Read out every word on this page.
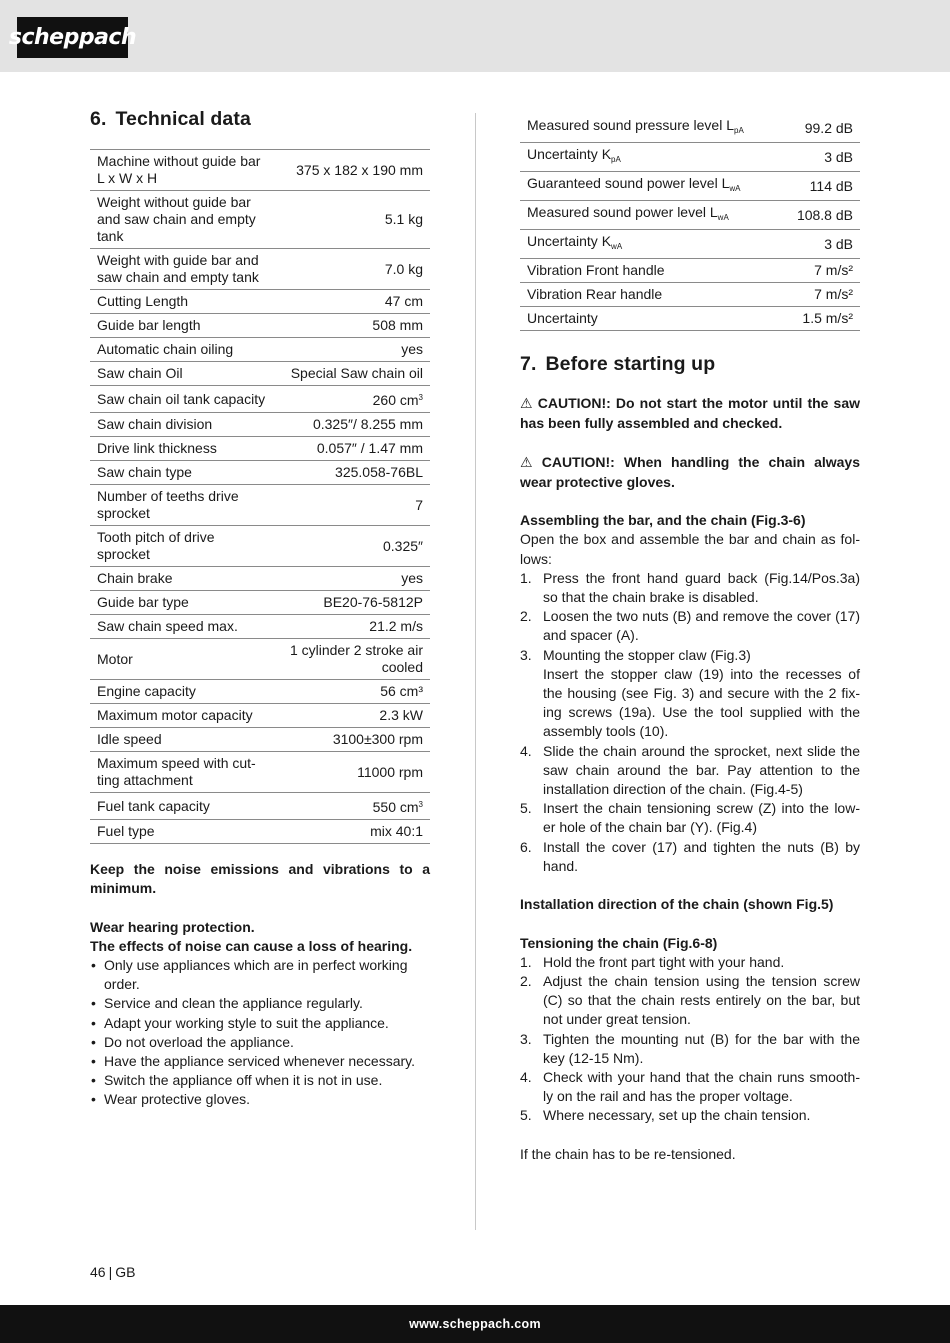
scheppach
6. Technical data
Machine without guide bar L x W x H	375 x 182 x 190 mm
Weight without guide bar and saw chain and empty tank	5.1 kg
Weight with guide bar and saw chain and empty tank	7.0 kg
Cutting Length	47 cm
Guide bar length	508 mm
Automatic chain oiling	yes
Saw chain Oil	Special Saw chain oil
Saw chain oil tank capacity	260 $cm^3$
Saw chain division	0.325″/ 8.255 mm
Drive link thickness	0.057″ / 1.47 mm
Saw chain type	325.058-76BL
Number of teeths drive sprocket	7
Tooth pitch of drive sprocket	0.325″
Chain brake	yes
Guide bar type	BE20-76-5812P
Saw chain speed max.	21.2 m/s
Motor	1 cylinder 2 stroke air cooled
Engine capacity	56 cm³
Maximum motor capacity	2.3 kW
Idle speed	3100±300 rpm
Maximum speed with cut-ting attachment	11000 rpm
Fuel tank capacity	550 $cm^3$
Fuel type	mix 40:1

Keep the noise emissions and vibrations to a minimum.

Wear hearing protection.

The effects of noise can cause a loss of hearing.

• Only use appliances which are in perfect working order.
• Service and clean the appliance regularly.
• Adapt your working style to suit the appliance.
• Do not overload the appliance.
• Have the appliance serviced whenever necessary.
• Switch the appliance off when it is not in use.
• Wear protective gloves.
Measured sound pressure level $L_{pA}$	99.2 dB
Uncertainty $K_{pA}$	3 dB
Guaranteed sound power level $L_{wA}$	114 dB
Measured sound power level $L_{wA}$	108.8 dB
Uncertainty $K_{wA}$	3 dB
Vibration Front handle	7 m/s²
Vibration Rear handle	7 m/s²
Uncertainty	1.5 m/s²
7. Before starting up

⚠ CAUTION!: Do not start the motor until the saw has been fully assembled and checked.

⚠ CAUTION!: When handling the chain always wear protective gloves.

Assembling the bar, and the chain (Fig.3-6)

Open the box and assemble the bar and chain as fol-lows:

1. Press the front hand guard back (Fig.14/Pos.3a) so that the chain brake is disabled.
2. Loosen the two nuts (B) and remove the cover (17) and spacer (A).
3. Mounting the stopper claw (Fig.3)
Insert the stopper claw (19) into the recesses of the housing (see Fig. 3) and secure with the 2 fix-ing screws (19a). Use the tool supplied with the assembly tools (10).
4. Slide the chain around the sprocket, next slide the saw chain around the bar. Pay attention to the installation direction of the chain. (Fig.4-5)
5. Insert the chain tensioning screw (Z) into the low-er hole of the chain bar (Y). (Fig.4)
6. Install the cover (17) and tighten the nuts (B) by hand.

Installation direction of the chain (shown Fig.5)

Tensioning the chain (Fig.6-8)

1. Hold the front part tight with your hand.
2. Adjust the chain tension using the tension screw (C) so that the chain rests entirely on the bar, but not under great tension.
3. Tighten the mounting nut (B) for the bar with the key (12-15 Nm).
4. Check with your hand that the chain runs smooth-ly on the rail and has the proper voltage.
5. Where necessary, set up the chain tension.

If the chain has to be re-tensioned.

46 | GB
www.scheppach.com
